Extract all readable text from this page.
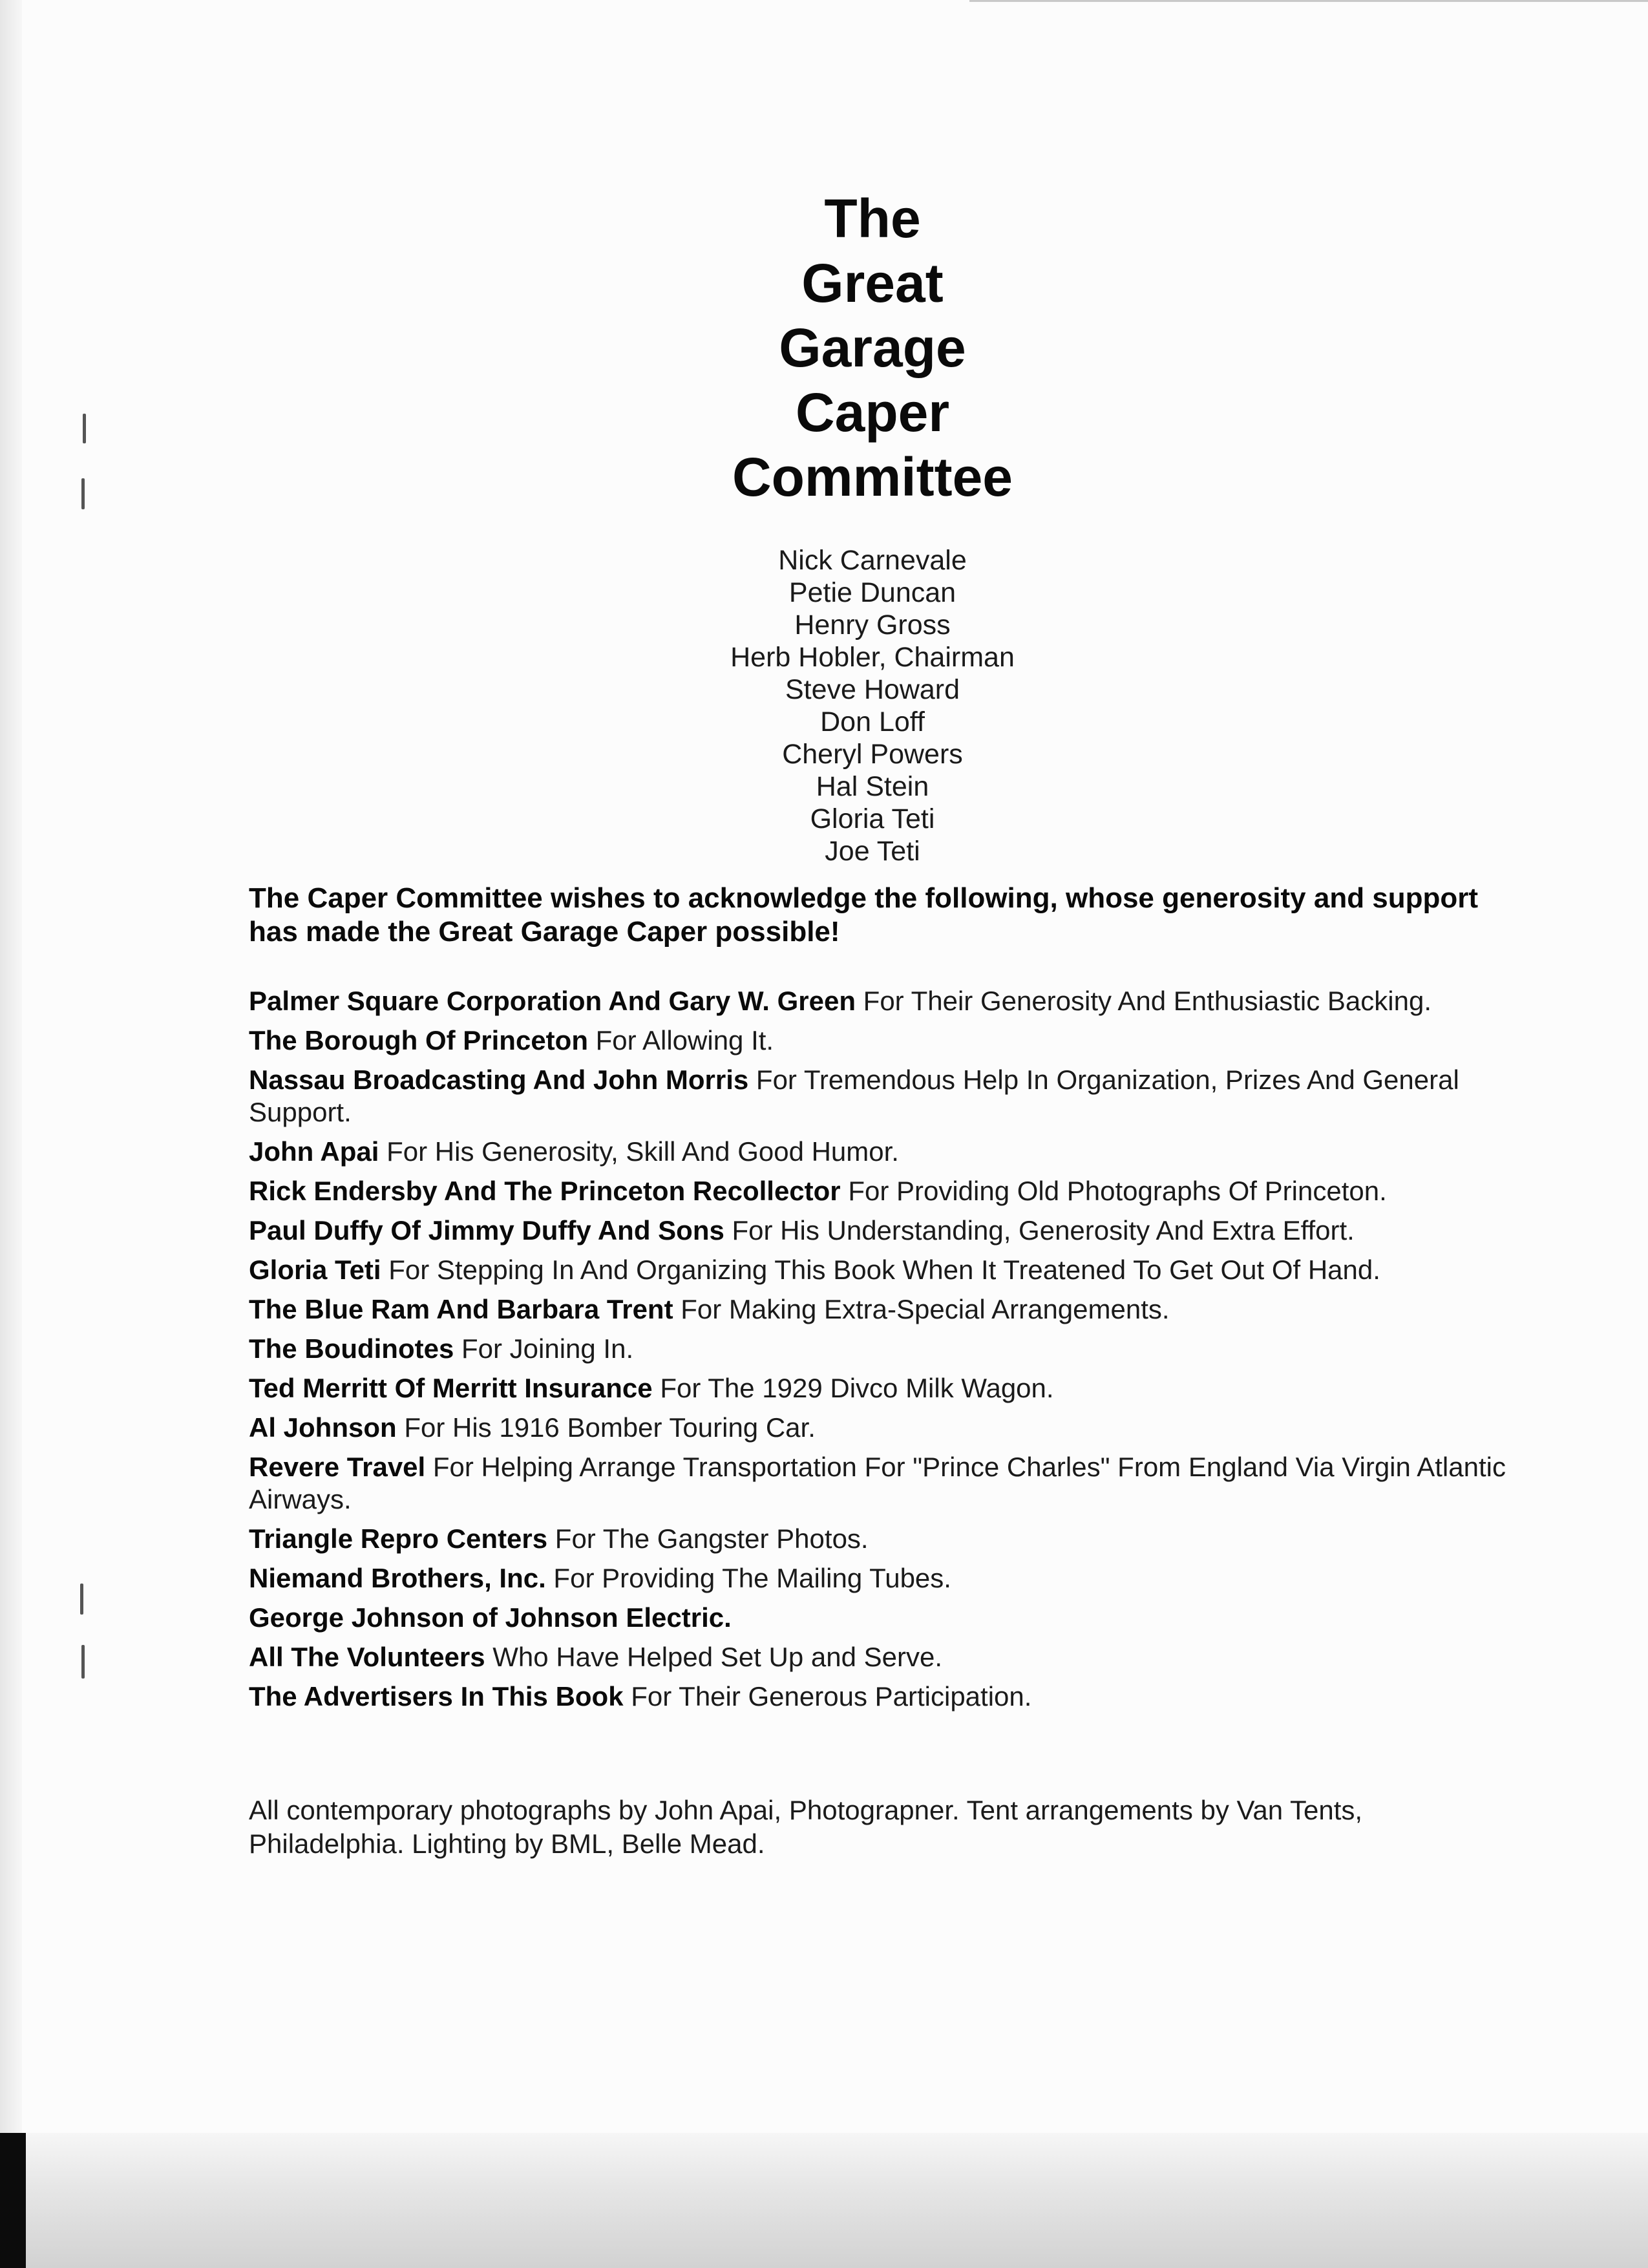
The
Great
Garage
Caper
Committee
Nick Carnevale
Petie Duncan
Henry Gross
Herb Hobler, Chairman
Steve Howard
Don Loff
Cheryl Powers
Hal Stein
Gloria Teti
Joe Teti
The Caper Committee wishes to acknowledge the following, whose generosity and support has made the Great Garage Caper possible!
Palmer Square Corporation And Gary W. Green For Their Generosity And Enthusiastic Backing.
The Borough Of Princeton For Allowing It.
Nassau Broadcasting And John Morris For Tremendous Help In Organization, Prizes And General Support.
John Apai For His Generosity, Skill And Good Humor.
Rick Endersby And The Princeton Recollector For Providing Old Photographs Of Princeton.
Paul Duffy Of Jimmy Duffy And Sons For His Understanding, Generosity And Extra Effort.
Gloria Teti For Stepping In And Organizing This Book When It Treatened To Get Out Of Hand.
The Blue Ram And Barbara Trent For Making Extra-Special Arrangements.
The Boudinotes For Joining In.
Ted Merritt Of Merritt Insurance For The 1929 Divco Milk Wagon.
Al Johnson For His 1916 Bomber Touring Car.
Revere Travel For Helping Arrange Transportation For "Prince Charles" From England Via Virgin Atlantic Airways.
Triangle Repro Centers For The Gangster Photos.
Niemand Brothers, Inc. For Providing The Mailing Tubes.
George Johnson of Johnson Electric.
All The Volunteers Who Have Helped Set Up and Serve.
The Advertisers In This Book For Their Generous Participation.
All contemporary photographs by John Apai, Photograpner. Tent arrangements by Van Tents, Philadelphia. Lighting by BML, Belle Mead.
